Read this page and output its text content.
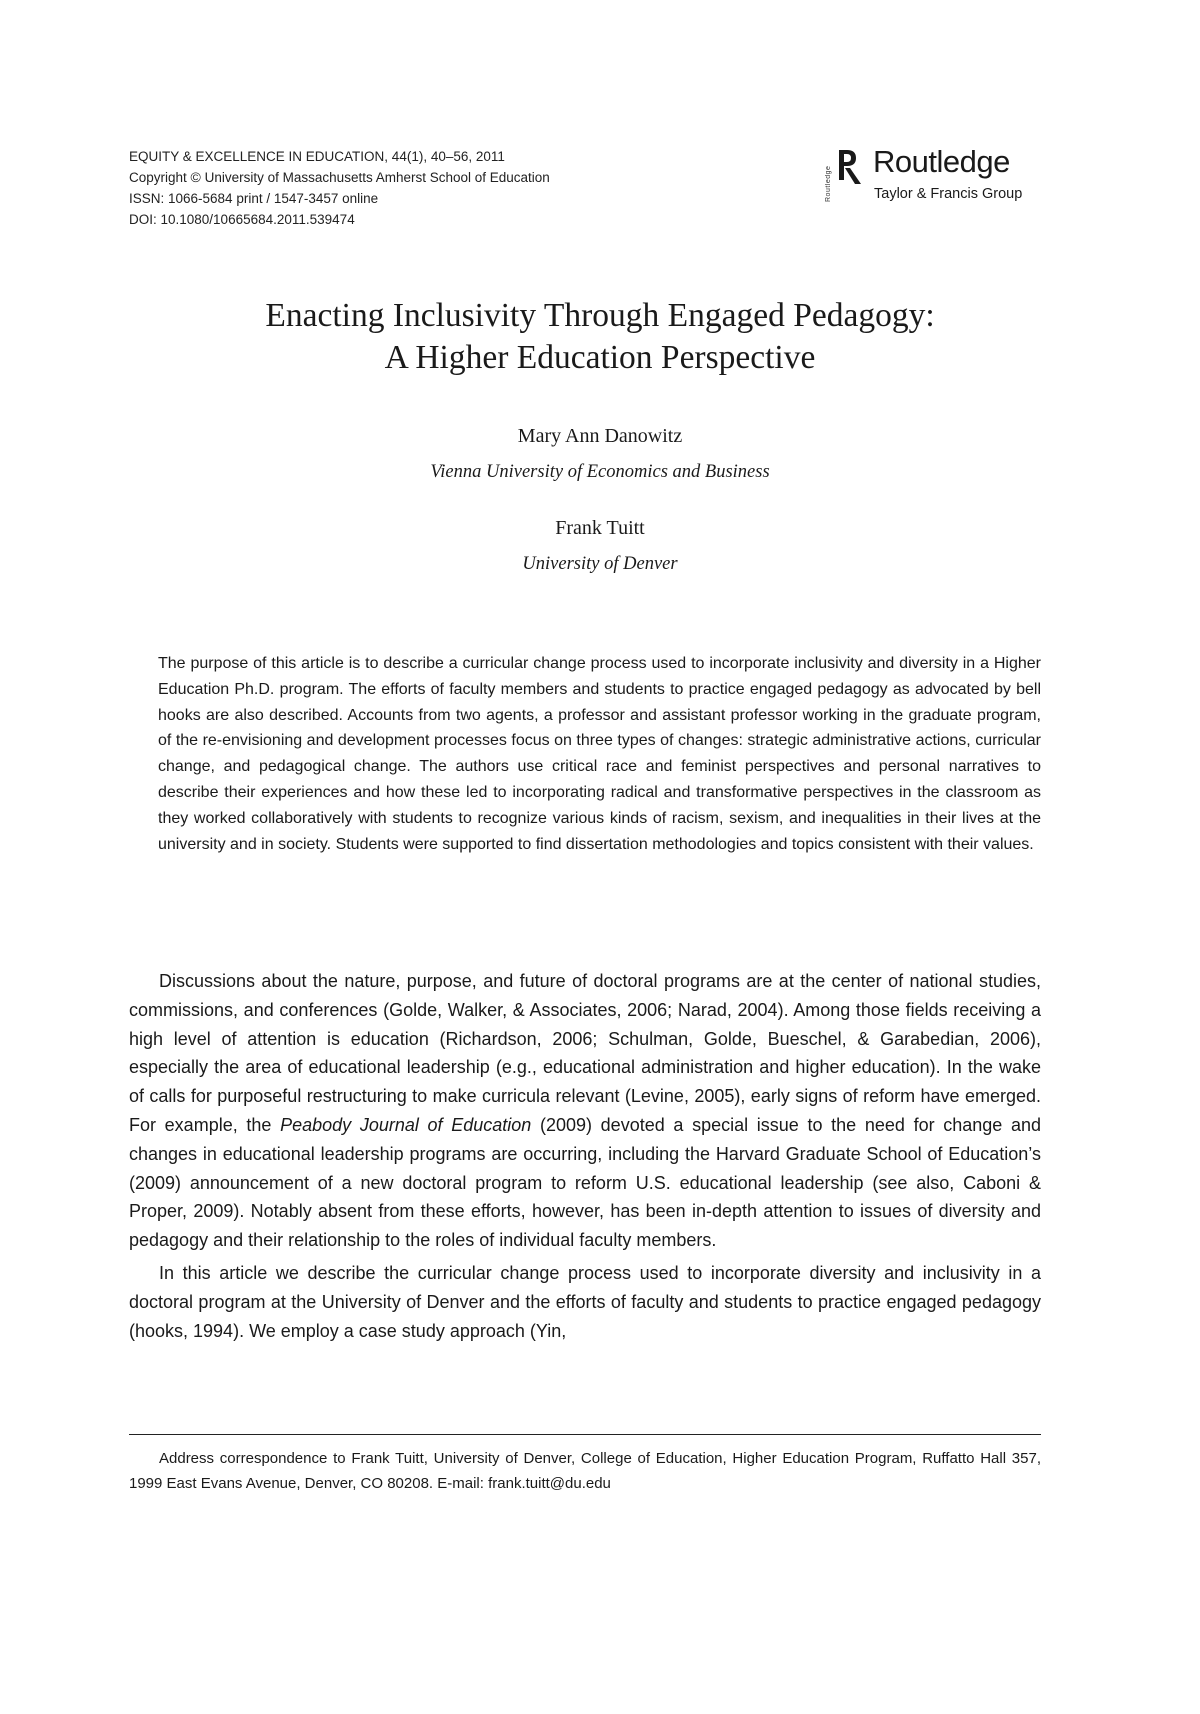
EQUITY & EXCELLENCE IN EDUCATION, 44(1), 40–56, 2011
Copyright © University of Massachusetts Amherst School of Education
ISSN: 1066-5684 print / 1547-3457 online
DOI: 10.1080/10665684.2011.539474
Routledge
Routledge
Taylor & Francis Group
Enacting Inclusivity Through Engaged Pedagogy:
A Higher Education Perspective
Mary Ann Danowitz
Vienna University of Economics and Business
Frank Tuitt
University of Denver
The purpose of this article is to describe a curricular change process used to incorporate inclusivity and diversity in a Higher Education Ph.D. program. The efforts of faculty members and students to practice engaged pedagogy as advocated by bell hooks are also described. Accounts from two agents, a professor and assistant professor working in the graduate program, of the re-envisioning and development processes focus on three types of changes: strategic administrative actions, curricular change, and pedagogical change. The authors use critical race and feminist perspectives and personal narratives to describe their experiences and how these led to incorporating radical and transformative perspectives in the classroom as they worked collaboratively with students to recognize various kinds of racism, sexism, and inequalities in their lives at the university and in society. Students were supported to find dissertation methodologies and topics consistent with their values.

Discussions about the nature, purpose, and future of doctoral programs are at the center of national studies, commissions, and conferences (Golde, Walker, & Associates, 2006; Narad, 2004). Among those fields receiving a high level of attention is education (Richardson, 2006; Schulman, Golde, Bueschel, & Garabedian, 2006), especially the area of educational leadership (e.g., educational administration and higher education). In the wake of calls for purposeful restructuring to make curricula relevant (Levine, 2005), early signs of reform have emerged. For example, the Peabody Journal of Education (2009) devoted a special issue to the need for change and changes in educational leadership programs are occurring, including the Harvard Graduate School of Education’s (2009) announcement of a new doctoral program to reform U.S. educational leadership (see also, Caboni & Proper, 2009). Notably absent from these efforts, however, has been in-depth attention to issues of diversity and pedagogy and their relationship to the roles of individual faculty members.

In this article we describe the curricular change process used to incorporate diversity and inclusivity in a doctoral program at the University of Denver and the efforts of faculty and students to practice engaged pedagogy (hooks, 1994). We employ a case study approach (Yin,

Address correspondence to Frank Tuitt, University of Denver, College of Education, Higher Education Program, Ruffatto Hall 357, 1999 East Evans Avenue, Denver, CO 80208. E-mail: frank.tuitt@du.edu
